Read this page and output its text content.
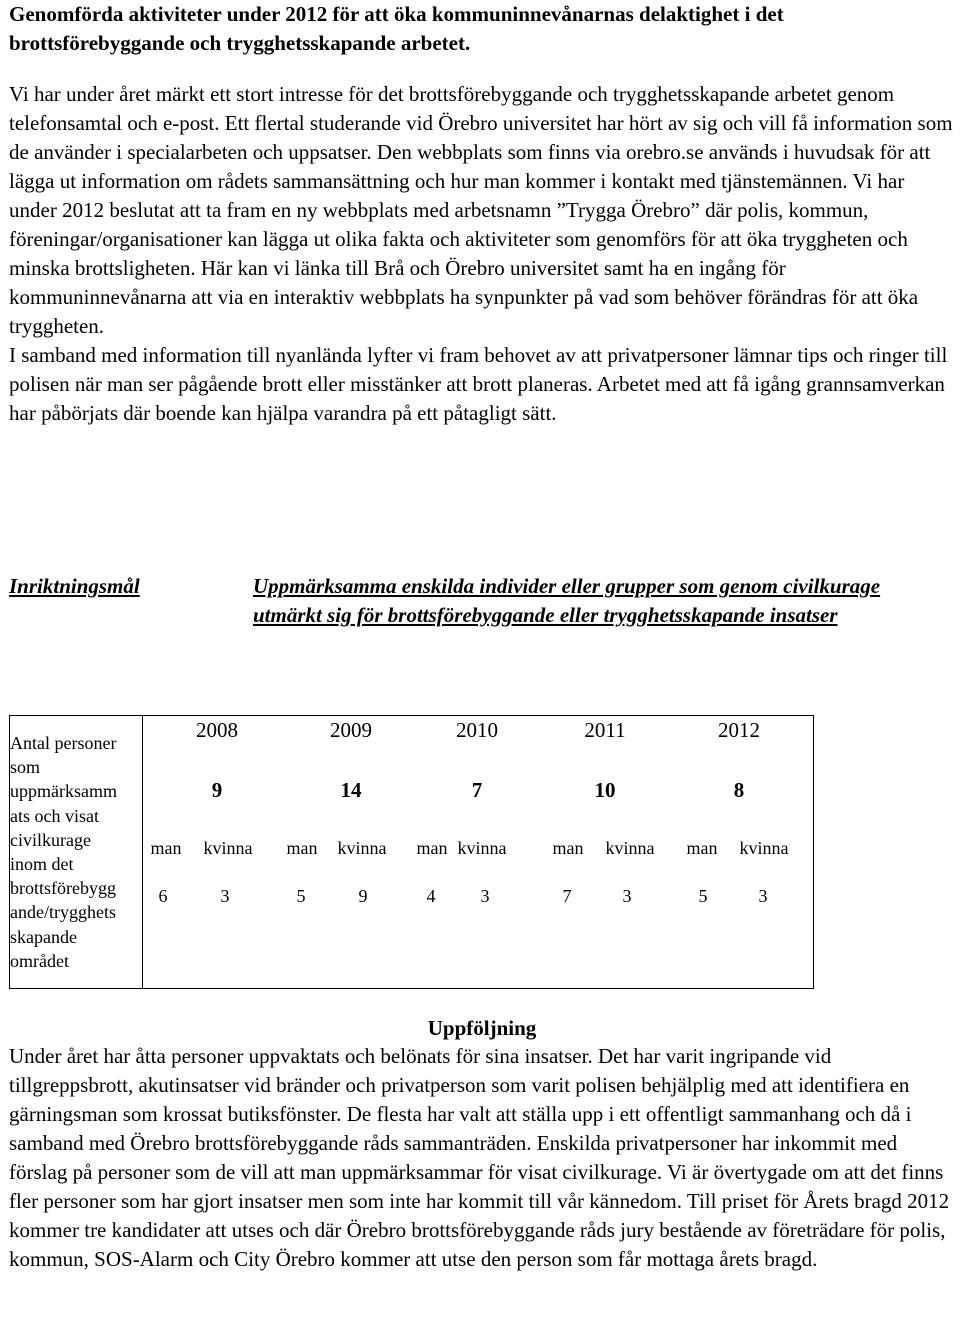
Genomförda aktiviteter under 2012 för att öka kommuninnevånarnas delaktighet i det brottsförebyggande och trygghetsskapande arbetet.

Vi har under året märkt ett stort intresse för det brottsförebyggande och trygghetsskapande arbetet genom telefonsamtal och e-post. Ett flertal studerande vid Örebro universitet har hört av sig och vill få information som de använder i specialarbeten och uppsatser. Den webbplats som finns via orebro.se används i huvudsak för att lägga ut information om rådets sammansättning och hur man kommer i kontakt med tjänstemännen. Vi har under 2012 beslutat att ta fram en ny webbplats med arbetsnamn ”Trygga Örebro” där polis, kommun, föreningar/organisationer kan lägga ut olika fakta och aktiviteter som genomförs för att öka tryggheten och minska brottsligheten. Här kan vi länka till Brå och Örebro universitet samt ha en ingång för kommuninnevånarna att via en interaktiv webbplats ha synpunkter på vad som behöver förändras för att öka tryggheten.

I samband med information till nyanlända lyfter vi fram behovet av att privatpersoner lämnar tips och ringer till polisen när man ser pågående brott eller misstänker att brott planeras. Arbetet med att få igång grannsamverkan har påbörjats där boende kan hjälpa varandra på ett påtagligt sätt.

Inriktningsmål	Uppmärksamma enskilda individer eller grupper som genom civilkurage utmärkt sig för brottsförebyggande eller trygghetsskapande insatser
Antal personer
som
uppmärksamm
ats och visat
civilkurage
inom det
brottsförebygg
ande/trygghets
skapande
området

2008
9
man	kvinna
6	3
2009
14
man	kvinna
5	9
2010
7
man kvinna
4	3
2011
10
man	kvinna
7	3
2012
8
man	kvinna
5	3
Uppföljning

Under året har åtta personer uppvaktats och belönats för sina insatser. Det har varit ingripande vid tillgreppsbrott, akutinsatser vid bränder och privatperson som varit polisen behjälplig med att identifiera en gärningsman som krossat butiksfönster. De flesta har valt att ställa upp i ett offentligt sammanhang och då i samband med Örebro brottsförebyggande råds sammanträden. Enskilda privatpersoner har inkommit med förslag på personer som de vill att man uppmärksammar för visat civilkurage. Vi är övertygade om att det finns fler personer som har gjort insatser men som inte har kommit till vår kännedom. Till priset för Årets bragd 2012 kommer tre kandidater att utses och där Örebro brottsförebyggande råds jury bestående av företrädare för polis, kommun, SOS-Alarm och City Örebro kommer att utse den person som får mottaga årets bragd.
